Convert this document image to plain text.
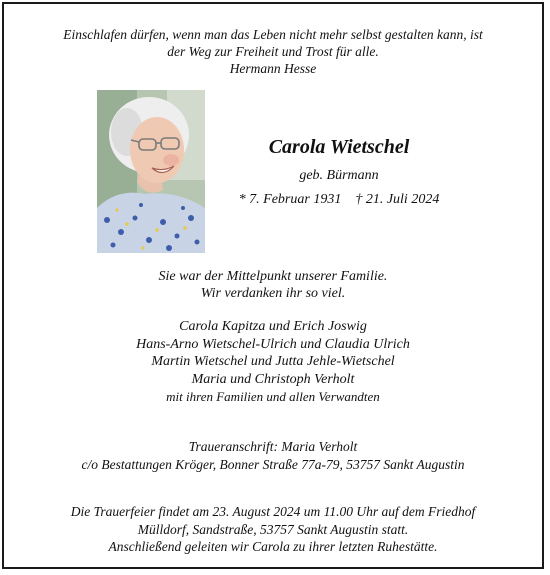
Einschlafen dürfen, wenn man das Leben nicht mehr selbst gestalten kann, ist
der Weg zur Freiheit und Trost für alle.
Hermann Hesse
Carola Wietschel
geb. Bürmann
* 7. Februar 1931 † 21. Juli 2024
Sie war der Mittelpunkt unserer Familie.
Wir verdanken ihr so viel.
Carola Kapitza und Erich Joswig
Hans-Arno Wietschel-Ulrich und Claudia Ulrich
Martin Wietschel und Jutta Jehle-Wietschel
Maria und Christoph Verholt
mit ihren Familien und allen Verwandten
Traueranschrift: Maria Verholt
c/o Bestattungen Kröger, Bonner Straße 77a-79, 53757 Sankt Augustin
Die Trauerfeier findet am 23. August 2024 um 11.00 Uhr auf dem Friedhof
Mülldorf, Sandstraße, 53757 Sankt Augustin statt.
Anschließend geleiten wir Carola zu ihrer letzten Ruhestätte.
